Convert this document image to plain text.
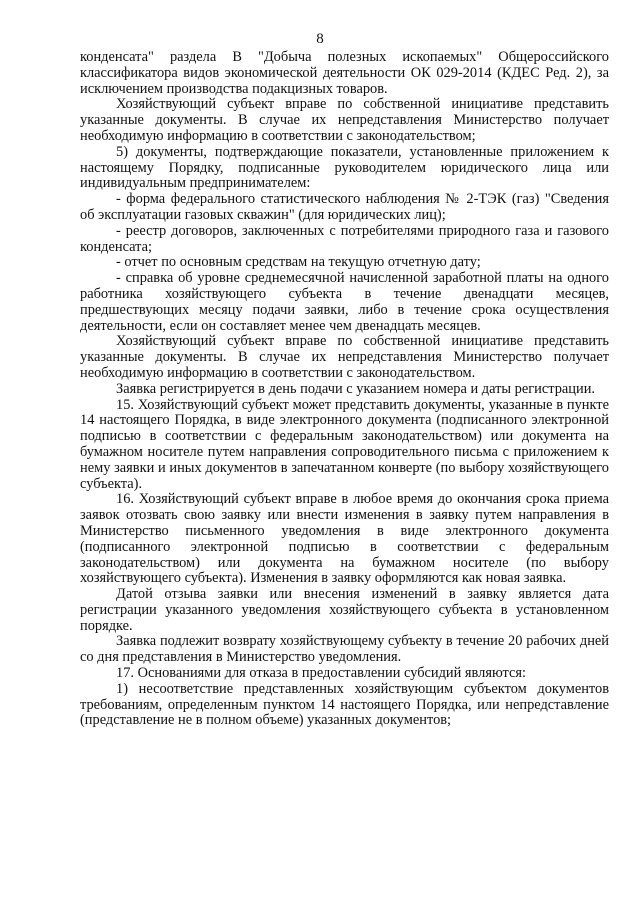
8

конденсата" раздела В "Добыча полезных ископаемых" Общероссийского классификатора видов экономической деятельности ОК 029-2014 (КДЕС Ред. 2), за исключением производства подакцизных товаров.

Хозяйствующий субъект вправе по собственной инициативе представить указанные документы. В случае их непредставления Министерство получает необходимую информацию в соответствии с законодательством;

5) документы, подтверждающие показатели, установленные приложением к настоящему Порядку, подписанные руководителем юридического лица или индивидуальным предпринимателем:

- форма федерального статистического наблюдения № 2-ТЭК (газ) "Сведения об эксплуатации газовых скважин" (для юридических лиц);

- реестр договоров, заключенных с потребителями природного газа и газового конденсата;

- отчет по основным средствам на текущую отчетную дату;

- справка об уровне среднемесячной начисленной заработной платы на одного работника хозяйствующего субъекта в течение двенадцати месяцев, предшествующих месяцу подачи заявки, либо в течение срока осуществления деятельности, если он составляет менее чем двенадцать месяцев.

Хозяйствующий субъект вправе по собственной инициативе представить указанные документы. В случае их непредставления Министерство получает необходимую информацию в соответствии с законодательством.

Заявка регистрируется в день подачи с указанием номера и даты регистрации.

15. Хозяйствующий субъект может представить документы, указанные в пункте 14 настоящего Порядка, в виде электронного документа (подписанного электронной подписью в соответствии с федеральным законодательством) или документа на бумажном носителе путем направления сопроводительного письма с приложением к нему заявки и иных документов в запечатанном конверте (по выбору хозяйствующего субъекта).

16. Хозяйствующий субъект вправе в любое время до окончания срока приема заявок отозвать свою заявку или внести изменения в заявку путем направления в Министерство письменного уведомления в виде электронного документа (подписанного электронной подписью в соответствии с федеральным законодательством) или документа на бумажном носителе (по выбору хозяйствующего субъекта). Изменения в заявку оформляются как новая заявка.

Датой отзыва заявки или внесения изменений в заявку является дата регистрации указанного уведомления хозяйствующего субъекта в установленном порядке.

Заявка подлежит возврату хозяйствующему субъекту в течение 20 рабочих дней со дня представления в Министерство уведомления.

17. Основаниями для отказа в предоставлении субсидий являются:

1) несоответствие представленных хозяйствующим субъектом документов требованиям, определенным пунктом 14 настоящего Порядка, или непредставление (представление не в полном объеме) указанных документов;
